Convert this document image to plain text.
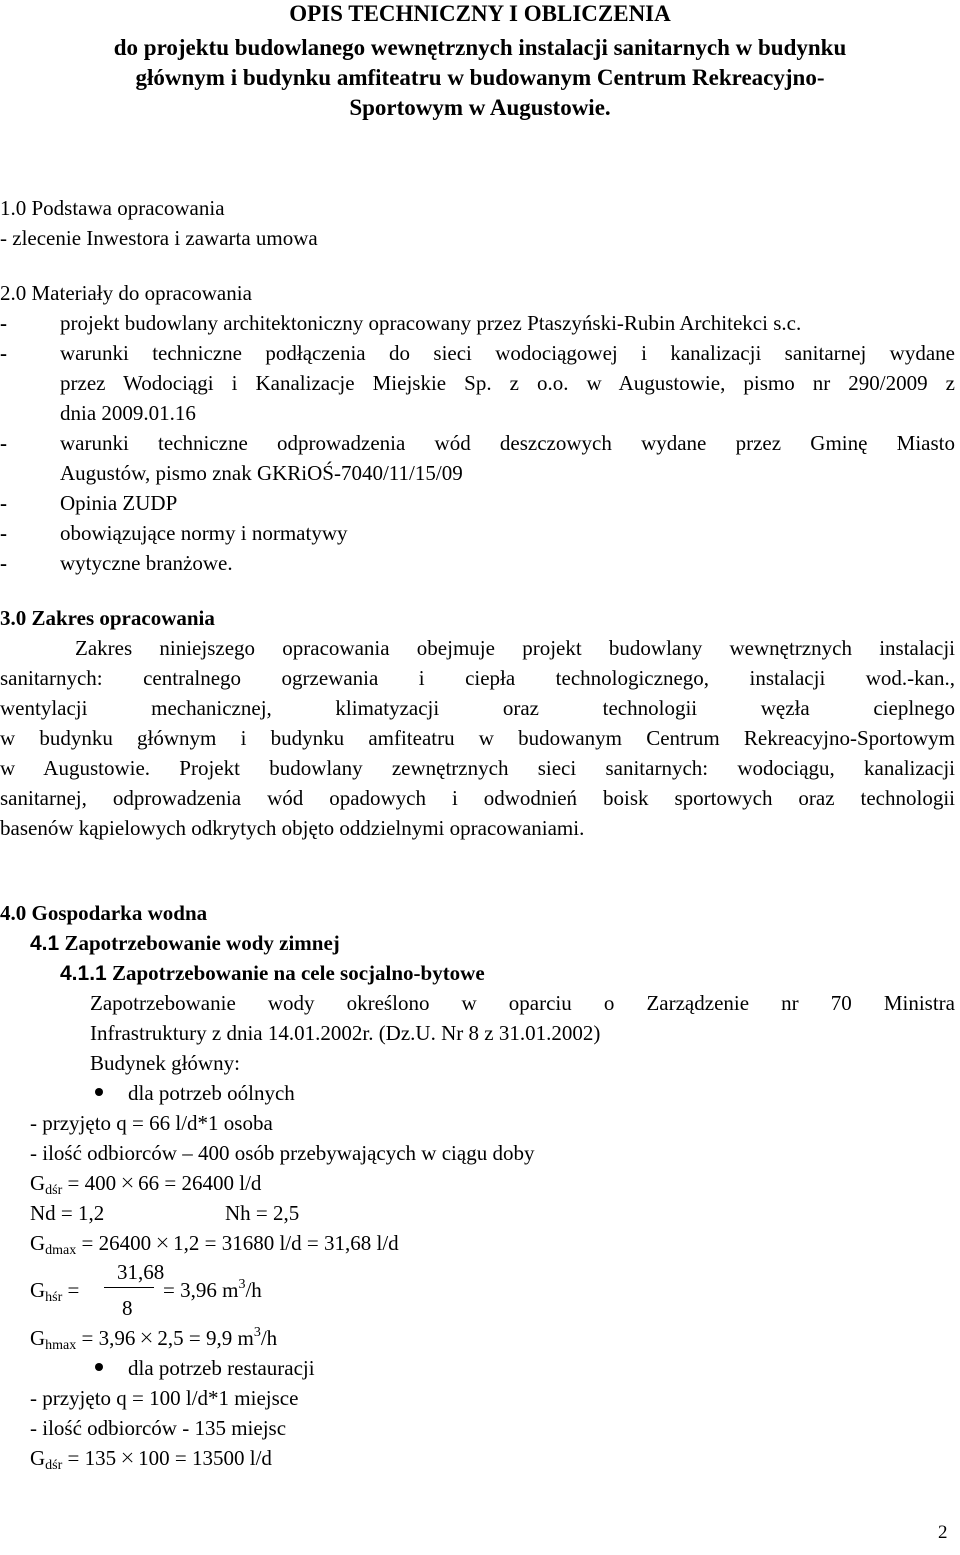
OPIS TECHNICZNY I OBLICZENIA
do projektu budowlanego wewnętrznych instalacji sanitarnych w budynku
głównym i budynku amfiteatru w budowanym Centrum Rekreacyjno-
Sportowym w Augustowie.
1.0 Podstawa opracowania
- zlecenie Inwestora i zawarta umowa
2.0 Materiały do opracowania
-	projekt budowlany architektoniczny opracowany przez Ptaszyński-Rubin Architekci s.c.
-	warunki techniczne podłączenia do sieci wodociągowej i kanalizacji sanitarnej wydane
przez Wodociągi i Kanalizacje Miejskie Sp. z o.o. w Augustowie, pismo nr 290/2009 z
dnia 2009.01.16
-	warunki techniczne odprowadzenia wód deszczowych wydane przez Gminę Miasto
Augustów, pismo znak GKRiOŚ-7040/11/15/09
-	Opinia ZUDP
-	obowiązujące normy i normatywy
-	wytyczne branżowe.
3.0 Zakres opracowania
Zakres niniejszego opracowania obejmuje projekt budowlany wewnętrznych instalacji
sanitarnych: centralnego ogrzewania i ciepła technologicznego, instalacji wod.-kan.,
wentylacji mechanicznej, klimatyzacji oraz technologii węzła cieplnego
w budynku głównym i budynku amfiteatru w budowanym Centrum Rekreacyjno-Sportowym
w Augustowie. Projekt budowlany zewnętrznych sieci sanitarnych: wodociągu, kanalizacji
sanitarnej, odprowadzenia wód opadowych i odwodnień boisk sportowych oraz technologii
basenów kąpielowych odkrytych objęto oddzielnymi opracowaniami.
4.0 Gospodarka wodna
4.1 Zapotrzebowanie wody zimnej
4.1.1 Zapotrzebowanie na cele socjalno-bytowe
Zapotrzebowanie wody określono w oparciu o Zarządzenie nr 70 Ministra
Infrastruktury z dnia 14.01.2002r. (Dz.U. Nr 8 z 31.01.2002)
Budynek główny:
dla potrzeb oólnych
- przyjęto q = 66 l/d*1 osoba
- ilość odbiorców – 400 osób przebywających w ciągu doby
$G_{dśr} = 400$ 66 = 26400 l/d
Nd = 1,2	Nh = 2,5
$G_{dmax} = 26400$ 1,2 = 31680 l/d = 31,68 l/d
$G_{hśr}$ =
31,68
8
= 3,96 $m^3/h$
$G_{hmax} = 3,96$ 2,5 = 9,9 $m^3/h$
dla potrzeb restauracji
- przyjęto q = 100 l/d*1 miejsce
- ilość odbiorców - 135 miejsc
$G_{dśr} = 135$ 100 = 13500 l/d
2
